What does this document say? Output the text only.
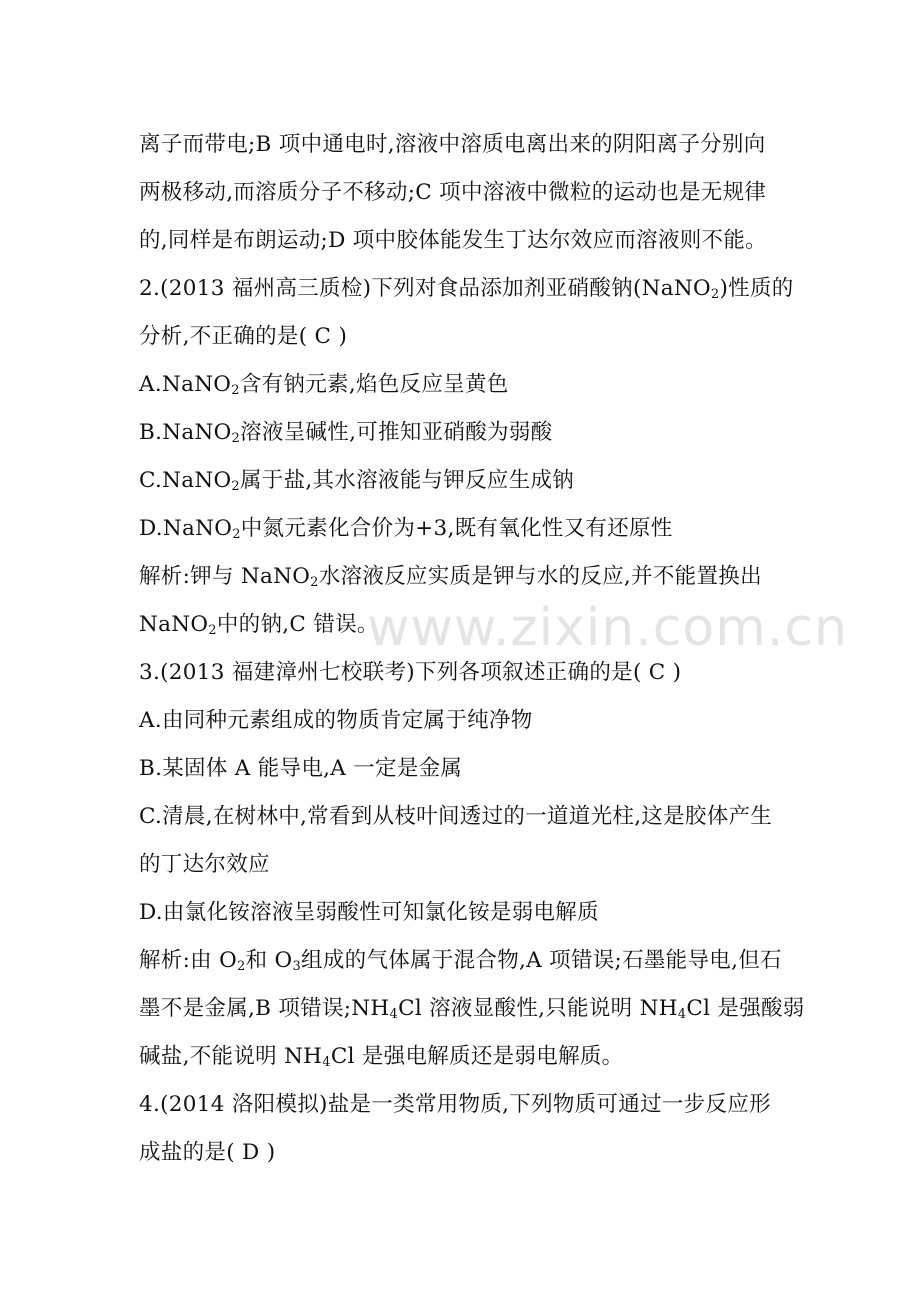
www.zixin.com.cn
离子而带电;B 项中通电时,溶液中溶质电离出来的阴阳离子分别向
两极移动,而溶质分子不移动;C 项中溶液中微粒的运动也是无规律
的,同样是布朗运动;D 项中胶体能发生丁达尔效应而溶液则不能。
2.(2013 福州高三质检)下列对食品添加剂亚硝酸钠(NaNO$_2$)性质的
分析,不正确的是( C )
A.NaNO$_2$含有钠元素,焰色反应呈黄色
B.NaNO$_2$溶液呈碱性,可推知亚硝酸为弱酸
C.NaNO$_2$属于盐,其水溶液能与钾反应生成钠
D.NaNO$_2$中氮元素化合价为+3,既有氧化性又有还原性
解析:钾与 NaNO$_2$水溶液反应实质是钾与水的反应,并不能置换出
NaNO$_2$中的钠,C 错误。
3.(2013 福建漳州七校联考)下列各项叙述正确的是( C )
A.由同种元素组成的物质肯定属于纯净物
B.某固体 A 能导电,A 一定是金属
C.清晨,在树林中,常看到从枝叶间透过的一道道光柱,这是胶体产生
的丁达尔效应
D.由氯化铵溶液呈弱酸性可知氯化铵是弱电解质
解析:由 $O_2$和 $O_3$组成的气体属于混合物,A 项错误;石墨能导电,但石
墨不是金属,B 项错误$;NH_4Cl$ 溶液显酸性,只能说明 $NH_4Cl$ 是强酸弱
碱盐,不能说明 $NH_4Cl$ 是强电解质还是弱电解质。
4.(2014 洛阳模拟)盐是一类常用物质,下列物质可通过一步反应形
成盐的是( D )
